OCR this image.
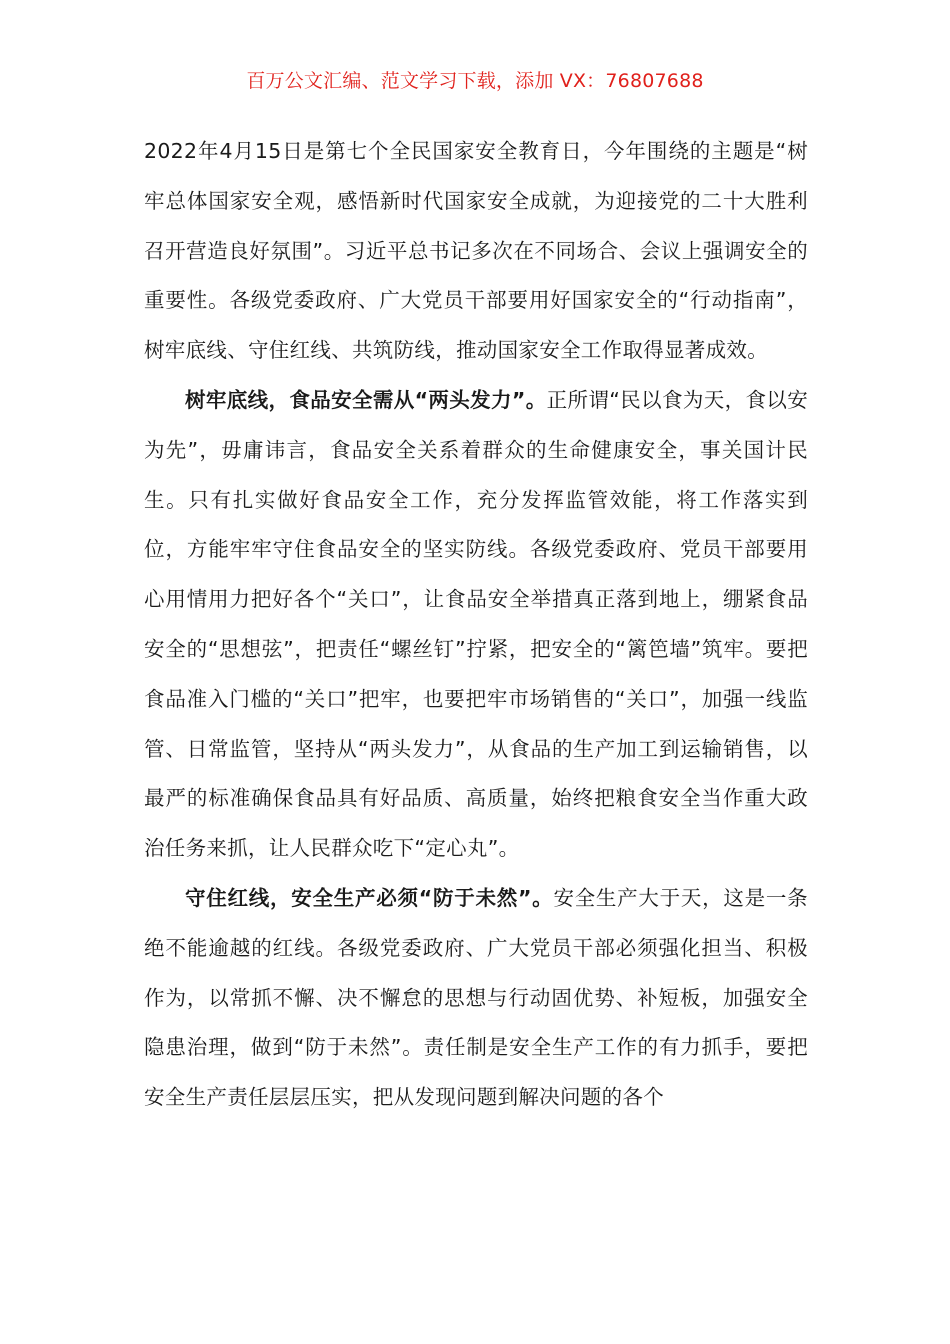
百万公文汇编、范文学习下载，添加 VX：76807688

2022年4月15日是第七个全民国家安全教育日，今年围绕的主题是“树牢总体国家安全观，感悟新时代国家安全成就，为迎接党的二十大胜利召开营造良好氛围”。习近平总书记多次在不同场合、会议上强调安全的重要性。各级党委政府、广大党员干部要用好国家安全的“行动指南”，树牢底线、守住红线、共筑防线，推动国家安全工作取得显著成效。

树牢底线，食品安全需从“两头发力”。正所谓“民以食为天，食以安为先”，毋庸讳言，食品安全关系着群众的生命健康安全，事关国计民生。只有扎实做好食品安全工作，充分发挥监管效能，将工作落实到位，方能牢牢守住食品安全的坚实防线。各级党委政府、党员干部要用心用情用力把好各个“关口”，让食品安全举措真正落到地上，绷紧食品安全的“思想弦”，把责任“螺丝钉”拧紧，把安全的“篱笆墙”筑牢。要把食品准入门槛的“关口”把牢，也要把牢市场销售的“关口”，加强一线监管、日常监管，坚持从“两头发力”，从食品的生产加工到运输销售，以最严的标准确保食品具有好品质、高质量，始终把粮食安全当作重大政治任务来抓，让人民群众吃下“定心丸”。

守住红线，安全生产必须“防于未然”。安全生产大于天，这是一条绝不能逾越的红线。各级党委政府、广大党员干部必须强化担当、积极作为，以常抓不懈、决不懈怠的思想与行动固优势、补短板，加强安全隐患治理，做到“防于未然”。责任制是安全生产工作的有力抓手，要把安全生产责任层层压实，把从发现问题到解决问题的各个
